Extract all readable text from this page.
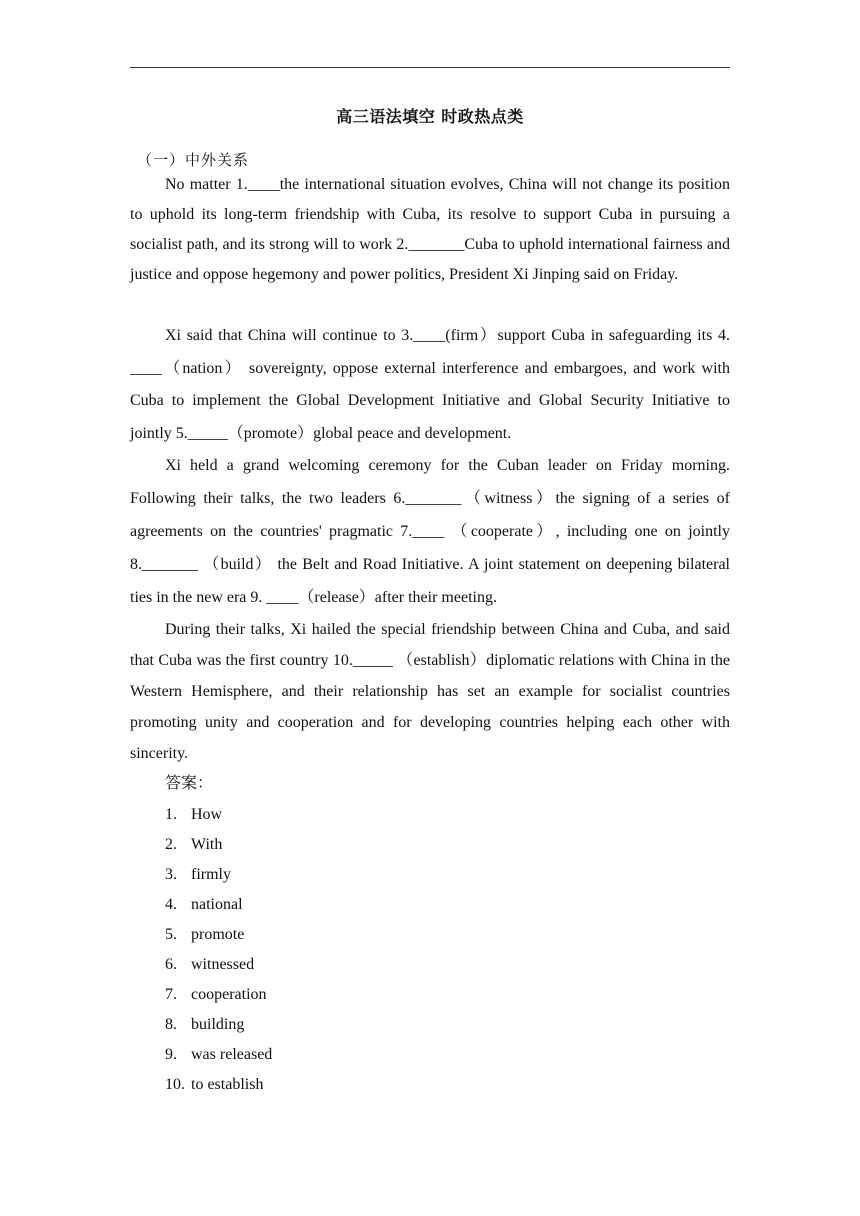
高三语法填空 时政热点类
（一）中外关系

No matter 1.____the international situation evolves, China will not change its position to uphold its long-term friendship with Cuba, its resolve to support Cuba in pursuing a socialist path, and its strong will to work 2._______Cuba to uphold international fairness and justice and oppose hegemony and power politics, President Xi Jinping said on Friday.

Xi said that China will continue to 3.____(firm）support Cuba in safeguarding its 4. ____（nation） sovereignty, oppose external interference and embargoes, and work with Cuba to implement the Global Development Initiative and Global Security Initiative to jointly 5._____（promote）global peace and development.

Xi held a grand welcoming ceremony for the Cuban leader on Friday morning. Following their talks, the two leaders 6._______（witness）the signing of a series of agreements on the countries' pragmatic 7.____ （cooperate）, including one on jointly 8._______ （build） the Belt and Road Initiative. A joint statement on deepening bilateral ties in the new era 9. ____（release）after their meeting.

During their talks, Xi hailed the special friendship between China and Cuba, and said that Cuba was the first country 10._____ （establish）diplomatic relations with China in the Western Hemisphere, and their relationship has set an example for socialist countries promoting unity and cooperation and for developing countries helping each other with sincerity.

答案：
1. How
2. With
3. firmly
4. national
5. promote
6. witnessed
7. cooperation
8. building
9. was released
10. to establish
